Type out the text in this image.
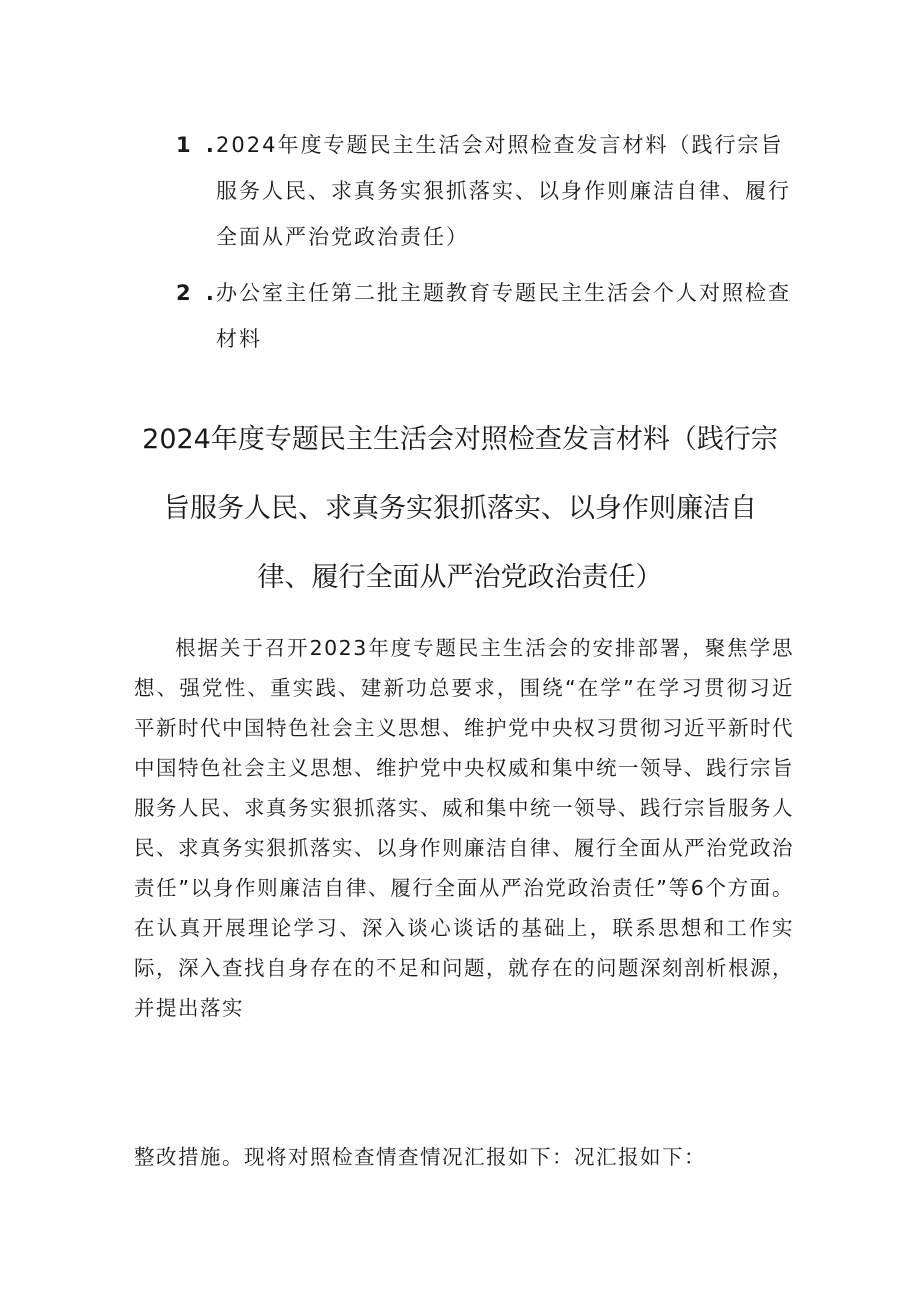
1 .
2024年度专题民主生活会对照检查发言材料（践行宗旨服务人民、求真务实狠抓落实、以身作则廉洁自律、履行全面从严治党政治责任）
2 .
办公室主任第二批主题教育专题民主生活会个人对照检查材料
2024年度专题民主生活会对照检查发言材料（践行宗
旨服务人民、求真务实狠抓落实、以身作则廉洁自
律、履行全面从严治党政治责任）
根据关于召开2023年度专题民主生活会的安排部署，聚焦学思想、强党性、重实践、建新功总要求，围绕“在学”在学习贯彻习近平新时代中国特色社会主义思想、维护党中央权习贯彻习近平新时代中国特色社会主义思想、维护党中央权威和集中统一领导、践行宗旨服务人民、求真务实狠抓落实、威和集中统一领导、践行宗旨服务人民、求真务实狠抓落实、以身作则廉洁自律、履行全面从严治党政治责任”以身作则廉洁自律、履行全面从严治党政治责任”等6个方面。在认真开展理论学习、深入谈心谈话的基础上，联系思想和工作实际，深入查找自身存在的不足和问题，就存在的问题深刻剖析根源，并提出落实
整改措施。现将对照检查情查情况汇报如下：况汇报如下：
